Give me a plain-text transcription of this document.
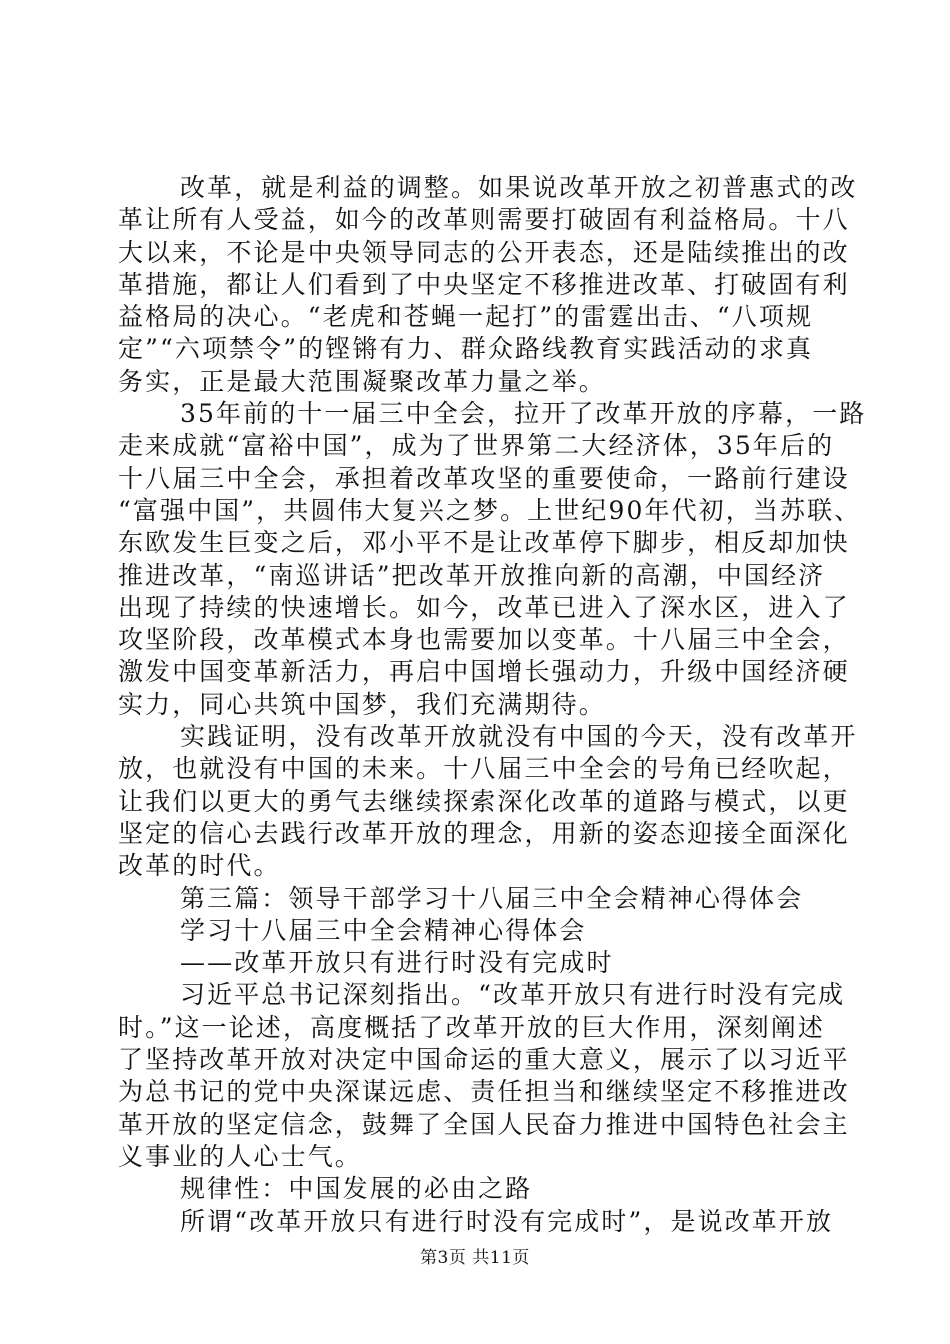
改革，就是利益的调整。如果说改革开放之初普惠式的改
革让所有人受益，如今的改革则需要打破固有利益格局。十八
大以来，不论是中央领导同志的公开表态，还是陆续推出的改
革措施，都让人们看到了中央坚定不移推进改革、打破固有利
益格局的决心。“老虎和苍蝇一起打”的雷霆出击、“八项规
定”“六项禁令”的铿锵有力、群众路线教育实践活动的求真
务实，正是最大范围凝聚改革力量之举。
35年前的十一届三中全会，拉开了改革开放的序幕，一路
走来成就“富裕中国”，成为了世界第二大经济体，35年后的
十八届三中全会，承担着改革攻坚的重要使命，一路前行建设
“富强中国”，共圆伟大复兴之梦。上世纪90年代初，当苏联、
东欧发生巨变之后，邓小平不是让改革停下脚步，相反却加快
推进改革，“南巡讲话”把改革开放推向新的高潮，中国经济
出现了持续的快速增长。如今，改革已进入了深水区，进入了
攻坚阶段，改革模式本身也需要加以变革。十八届三中全会，
激发中国变革新活力，再启中国增长强动力，升级中国经济硬
实力，同心共筑中国梦，我们充满期待。
实践证明，没有改革开放就没有中国的今天，没有改革开
放，也就没有中国的未来。十八届三中全会的号角已经吹起，
让我们以更大的勇气去继续探索深化改革的道路与模式，以更
坚定的信心去践行改革开放的理念，用新的姿态迎接全面深化
改革的时代。
第三篇：领导干部学习十八届三中全会精神心得体会
学习十八届三中全会精神心得体会
——改革开放只有进行时没有完成时
习近平总书记深刻指出。“改革开放只有进行时没有完成
时。”这一论述，高度概括了改革开放的巨大作用，深刻阐述
了坚持改革开放对决定中国命运的重大意义，展示了以习近平
为总书记的党中央深谋远虑、责任担当和继续坚定不移推进改
革开放的坚定信念，鼓舞了全国人民奋力推进中国特色社会主
义事业的人心士气。
规律性：中国发展的必由之路
所谓“改革开放只有进行时没有完成时”，是说改革开放
第3页 共11页
